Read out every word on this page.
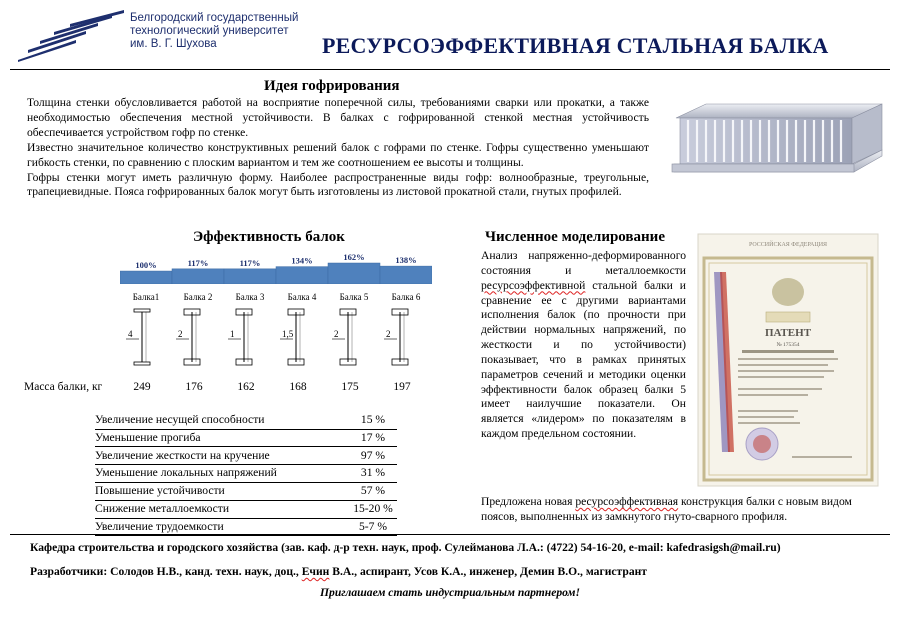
Белгородский государственный
технологический университет
им. В. Г. Шухова	РЕСУРСОЭФФЕКТИВНАЯ СТАЛЬНАЯ БАЛКА
Идея гофрирования

Толщина стенки обусловливается работой на восприятие поперечной силы, требованиями сварки или прокатки, а также необходимостью обеспечения местной устойчивости. В балках с гофрированной стенкой местная устойчивость обеспечивается устройством гофр по стенке.

Известно значительное количество конструктивных решений балок с гофрами по стенке. Гофры существенно уменьшают гибкость стенки, по сравнению с плоским вариантом и тем же соотношением ее высоты и толщины.

Гофры стенки могут иметь различную форму. Наиболее распространенные виды гофр: волнообразные, треугольные, трапециевидные. Пояса гофрированных балок могут быть изготовлены из листовой прокатной стали, гнутых профилей.

Эффективность балок
100%	117%	117%	134%	162%	138%
Балка1	Балка 2	Балка 3	Балка 4	Балка 5	Балка 6
4	2	1	1,5	2	2
Масса балки, кг	249	176	162	168	175	197
Увеличение несущей способности	15 %
Уменьшение прогиба	17 %
Увеличение жесткости на кручение	97 %
Уменьшение локальных напряжений	31 %
Повышение устойчивости	57 %
Снижение металлоемкости	15-20 %
Увеличение трудоемкости	5-7 %
Численное моделирование
Анализ напряженно-деформированного состояния и металлоемкости ресурсоэффективной стальной балки и сравнение ее с другими вариантами исполнения балок (по прочности при действии нормальных напряжений, по жесткости и по устойчивости) показывает, что в рамках принятых параметров сечений и методики оценки эффективности балок образец балки 5 имеет наилучшие показатели. Он является «лидером» по показателям в каждом предельном состоянии.
РОССИЙСКАЯ ФЕДЕРАЦИЯ
ПАТЕНТ
№ 175354
Предложена новая ресурсоэффективная конструкция балки с новым видом поясов, выполненных из замкнутого гнуто-сварного профиля.
Кафедра строительства и городского хозяйства (зав. каф. д-р техн. наук, проф. Сулейманова Л.А.: (4722) 54-16-20, e-mail: kafedrasigsh@mail.ru)
Разработчики: Солодов Н.В., канд. техн. наук, доц., Ечин В.А., аспирант, Усов К.А., инженер, Демин В.О., магистрант
Приглашаем стать индустриальным партнером!
